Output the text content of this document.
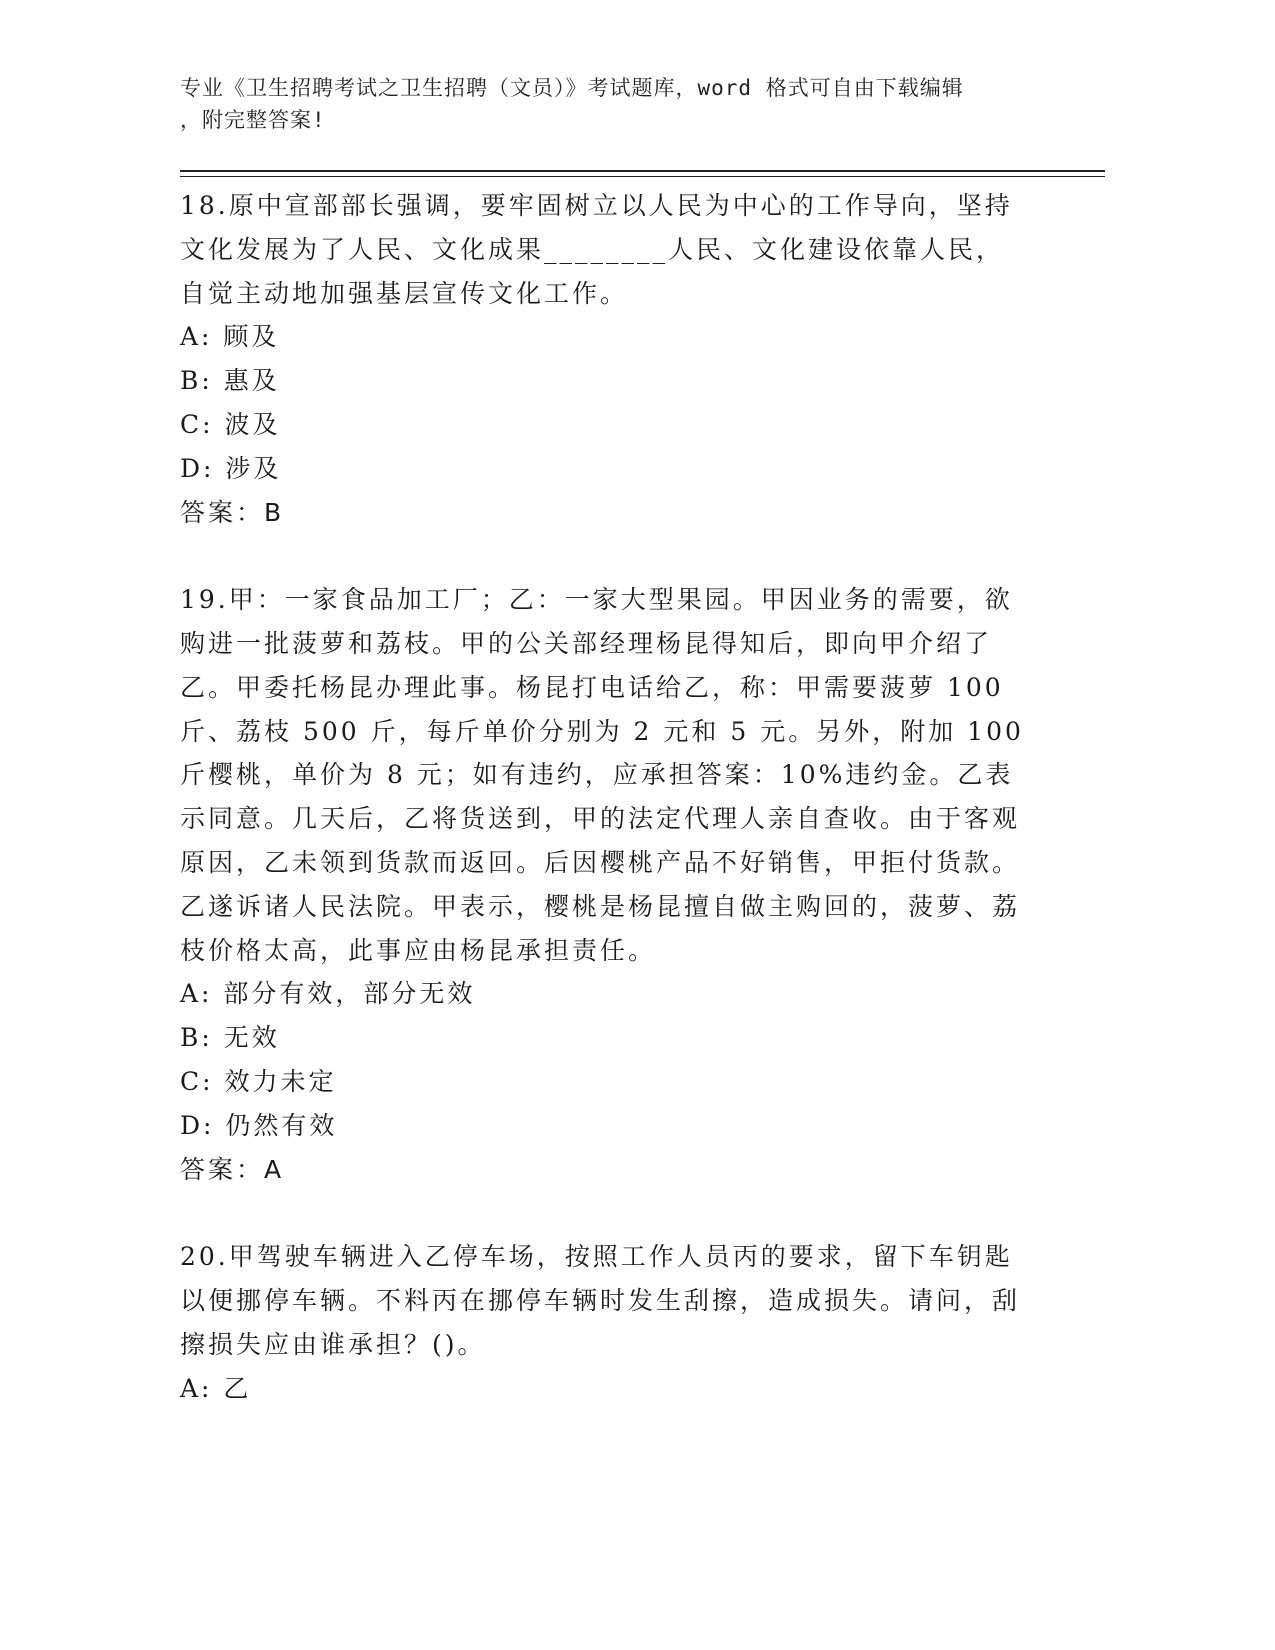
专业《卫生招聘考试之卫生招聘（文员）》考试题库，word 格式可自由下载编辑
，附完整答案!

18.原中宣部部长强调，要牢固树立以人民为中心的工作导向，坚持文化发展为了人民、文化成果________人民、文化建设依靠人民，自觉主动地加强基层宣传文化工作。

A: 顾及

B: 惠及

C: 波及

D: 涉及

答案：B

19.甲：一家食品加工厂；乙：一家大型果园。甲因业务的需要，欲购进一批菠萝和荔枝。甲的公关部经理杨昆得知后，即向甲介绍了乙。甲委托杨昆办理此事。杨昆打电话给乙，称：甲需要菠萝 100 斤、荔枝 500 斤，每斤单价分别为 2 元和 5 元。另外，附加 100 斤樱桃，单价为 8 元；如有违约，应承担答案：10%违约金。乙表示同意。几天后，乙将货送到，甲的法定代理人亲自查收。由于客观原因，乙未领到货款而返回。后因樱桃产品不好销售，甲拒付货款。乙遂诉诸人民法院。甲表示，樱桃是杨昆擅自做主购回的，菠萝、荔枝价格太高，此事应由杨昆承担责任。

A: 部分有效，部分无效

B: 无效

C: 效力未定

D: 仍然有效

答案：A

20.甲驾驶车辆进入乙停车场，按照工作人员丙的要求，留下车钥匙以便挪停车辆。不料丙在挪停车辆时发生刮擦，造成损失。请问，刮擦损失应由谁承担？()。

A: 乙
